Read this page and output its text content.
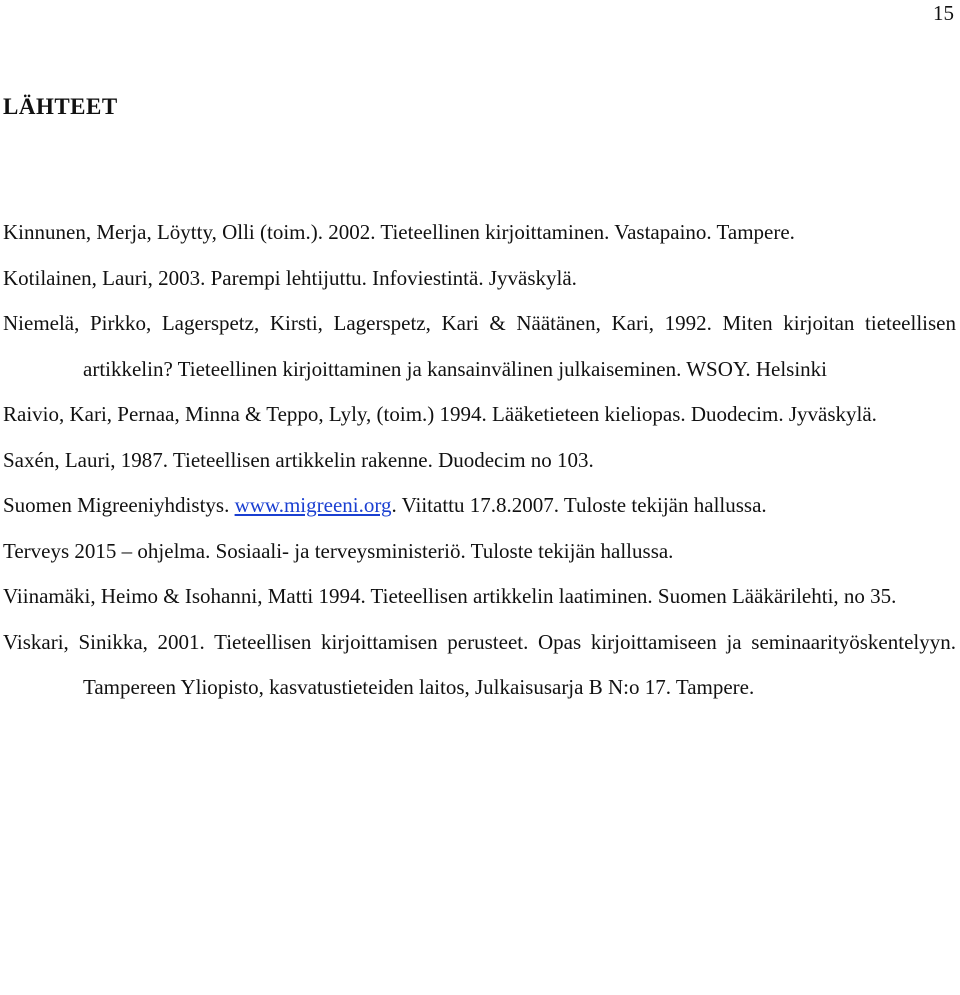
15
LÄHTEET
Kinnunen, Merja, Löytty, Olli (toim.). 2002. Tieteellinen kirjoittaminen. Vastapaino. Tampere.
Kotilainen, Lauri, 2003. Parempi lehtijuttu. Infoviestintä. Jyväskylä.
Niemelä, Pirkko, Lagerspetz, Kirsti, Lagerspetz, Kari & Näätänen, Kari, 1992. Miten kirjoitan tieteellisen artikkelin? Tieteellinen kirjoittaminen ja kansainvälinen julkaiseminen. WSOY. Helsinki
Raivio, Kari, Pernaa, Minna & Teppo, Lyly, (toim.) 1994. Lääketieteen kieliopas. Duodecim. Jyväskylä.
Saxén, Lauri, 1987. Tieteellisen artikkelin rakenne. Duodecim no 103.
Suomen Migreeniyhdistys. www.migreeni.org. Viitattu 17.8.2007. Tuloste tekijän hallussa.
Terveys 2015 – ohjelma. Sosiaali- ja terveysministeriö. Tuloste tekijän hallussa.
Viinamäki, Heimo & Isohanni, Matti 1994. Tieteellisen artikkelin laatiminen. Suomen Lääkärilehti, no 35.
Viskari, Sinikka, 2001. Tieteellisen kirjoittamisen perusteet. Opas kirjoittamiseen ja seminaarityöskentelyyn. Tampereen Yliopisto, kasvatustieteiden laitos, Julkaisusarja B N:o 17. Tampere.
